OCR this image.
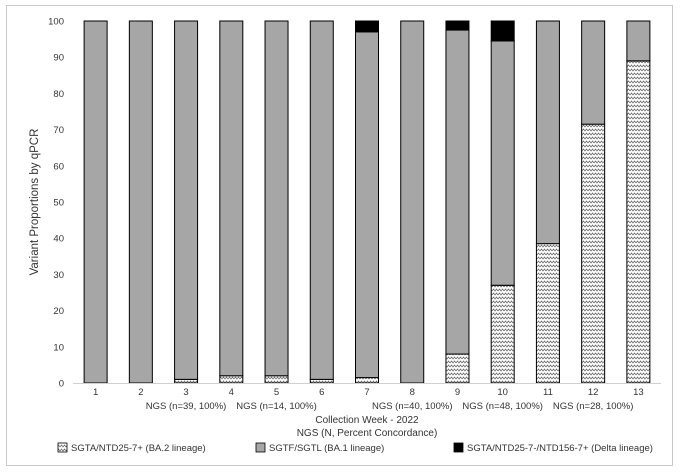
Variant Proportions by qPCR
0
10
20
30
40
50
60
70
80
90
100
1	2	3	4	5	6	7	8	9	10	11	12	13
NGS (n=39, 100%) NGS (n=14, 100%)	NGS (n=40, 100%) NGS (n=48, 100%) NGS (n=28, 100%)
Collection Week - 2022
NGS (N, Percent Concordance)
SGTA/NTD25-7+ (BA.2 lineage)	SGTF/SGTL (BA.1 lineage)	SGTA/NTD25-7-/NTD156-7+ (Delta lineage)
